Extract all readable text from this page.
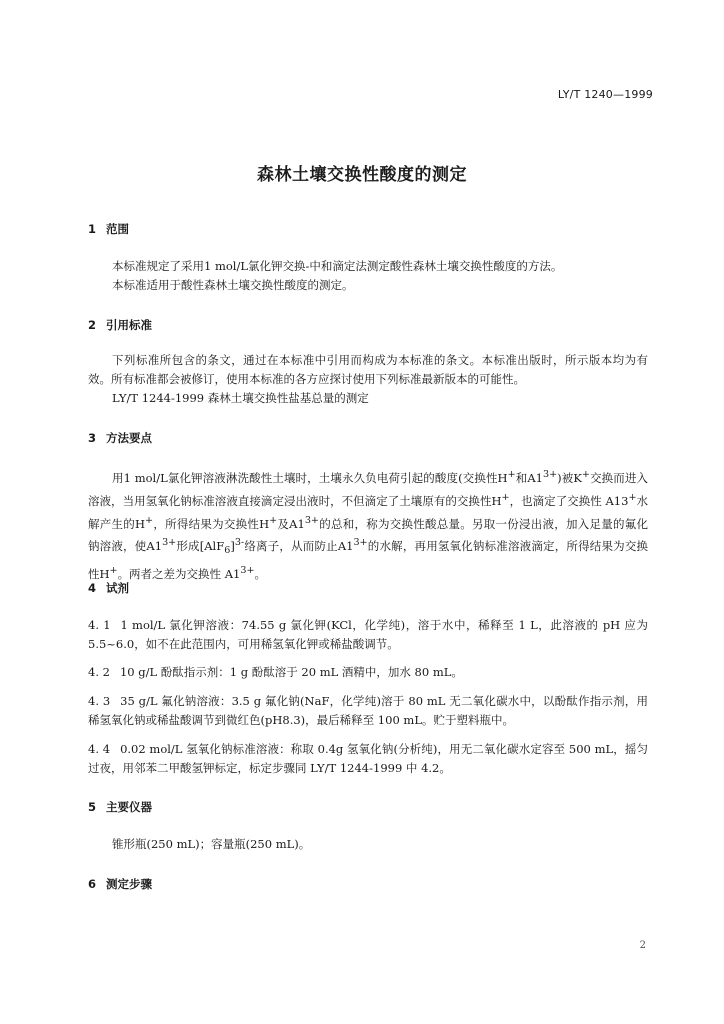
LY/T 1240—1999
森林土壤交换性酸度的测定
1 范围
本标准规定了采用1 mol/L氯化钾交换-中和滴定法测定酸性森林土壤交换性酸度的方法。
本标准适用于酸性森林土壤交换性酸度的测定。
2 引用标准
下列标准所包含的条文，通过在本标准中引用而构成为本标准的条文。本标准出版时，所示版本均为有效。所有标准都会被修订，使用本标准的各方应探讨使用下列标准最新版本的可能性。
LY/T 1244-1999 森林土壤交换性盐基总量的测定
3 方法要点
用1 mol/L氯化钾溶液淋洗酸性土壤时，土壤永久负电荷引起的酸度(交换性H+和$A1^{3+}$)被K+交换而进入溶液，当用氢氧化钠标准溶液直接滴定浸出液时，不但滴定了土壤原有的交换性H+，也滴定了交换性 A13+水解产生的H+，所得结果为交换性H+及$A1^{3+}$的总和，称为交换性酸总量。另取一份浸出液，加入足量的氟化钠溶液，使$A1^{3+}$形成$[AlF_6]^{3-}$络离子，从而防止$A1^{3+}$的水解，再用氢氧化钠标准溶液滴定，所得结果为交换性H+。两者之差为交换性 $A1^{3+}$。
4 试剂
4. 1 1 mol/L 氯化钾溶液：74.55 g 氯化钾(KCl，化学纯)，溶于水中，稀释至 1 L，此溶液的 pH 应为5.5~6.0，如不在此范围内，可用稀氢氧化钾或稀盐酸调节。
4. 2 10 g/L 酚酞指示剂：1 g 酚酞溶于 20 mL 酒精中，加水 80 mL。
4. 3 35 g/L 氟化钠溶液：3.5 g 氟化钠(NaF，化学纯)溶于 80 mL 无二氧化碳水中，以酚酞作指示剂，用稀氢氧化钠或稀盐酸调节到微红色(pH8.3)，最后稀释至 100 mL。贮于塑料瓶中。
4. 4 0.02 mol/L 氢氧化钠标准溶液：称取 0.4g 氢氧化钠(分析纯)，用无二氧化碳水定容至 500 mL，摇匀过夜，用邻苯二甲酸氢钾标定，标定步骤同 LY/T 1244-1999 中 4.2。
5 主要仪器
锥形瓶(250 mL)；容量瓶(250 mL)。
6 测定步骤
2
